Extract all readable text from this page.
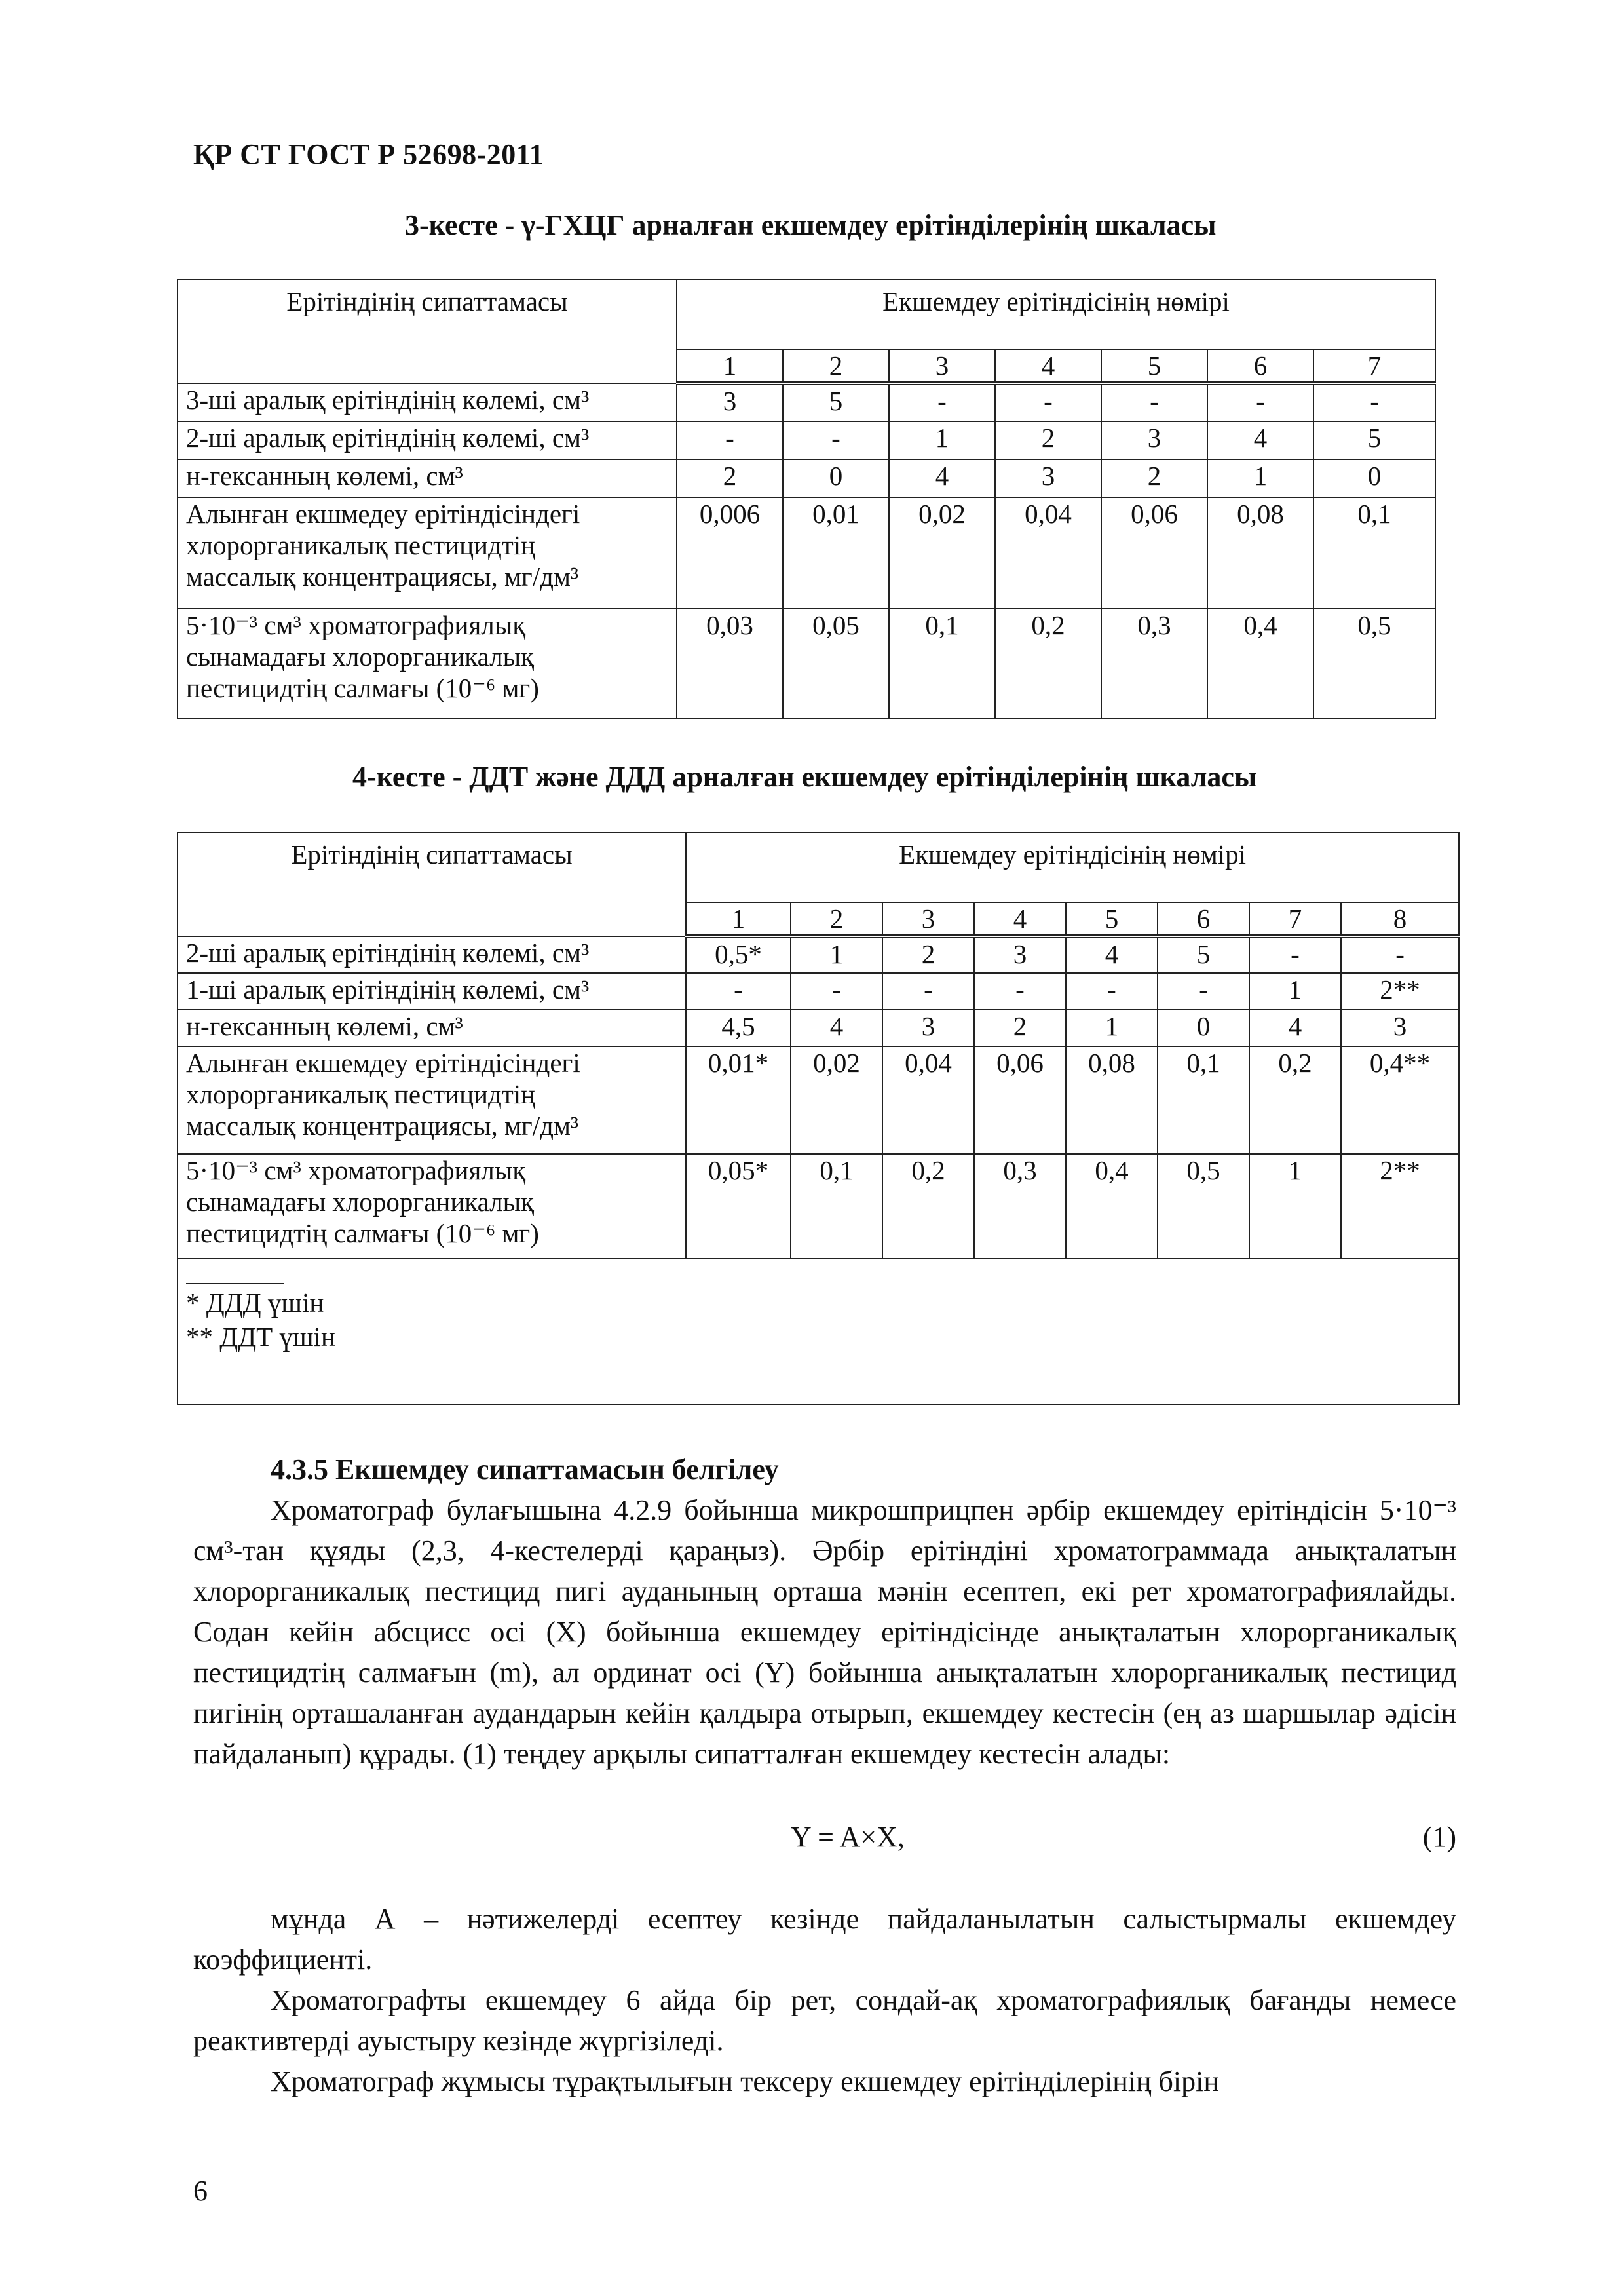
ҚР СТ ГОСТ Р 52698-2011
3-кесте - γ-ГХЦГ арналған екшемдеу ерітінділерінің шкаласы
Ерітіндінің сипаттамасы	Екшемдеу ерітіндісінің нөмірі						
	1	2	3	4	5	6	7
3-ші аралық ерітіндінің көлемі, см³	3	5	-	-	-	-	-
2-ші аралық ерітіндінің көлемі, см³	-	-	1	2	3	4	5
н-гексанның көлемі, см³	2	0	4	3	2	1	0

Алынған екшмедеу ерітіндісіндегі
хлорорганикалық пестицидтің
массалық концентрациясы, мг/дм³	0,006	0,01	0,02	0,04	0,06	0,08	0,1

5·10⁻³ см³ хроматографиялық
сынамадағы хлорорганикалық
пестицидтің салмағы (10⁻⁶ мг)	0,03	0,05	0,1	0,2	0,3	0,4	0,5
4-кесте - ДДТ және ДДД арналған екшемдеу ерітінділерінің шкаласы
Ерітіндінің сипаттамасы	Екшемдеу ерітіндісінің нөмірі							
	1	2	3	4	5	6	7	8
2-ші аралық ерітіндінің көлемі, см³	0,5*	1	2	3	4	5	-	-
1-ші аралық ерітіндінің көлемі, см³	-	-	-	-	-	-	1	2**
н-гексанның көлемі, см³	4,5	4	3	2	1	0	4	3

Алынған екшемдеу ерітіндісіндегі
хлорорганикалық пестицидтің
массалық концентрациясы, мг/дм³	0,01*	0,02	0,04	0,06	0,08	0,1	0,2	0,4**

5·10⁻³ см³ хроматографиялық
сынамадағы хлорорганикалық
пестицидтің салмағы (10⁻⁶ мг)	0,05*	0,1	0,2	0,3	0,4	0,5	1	2**

* ДДД үшін
** ДДТ үшін								

4.3.5 Екшемдеу сипаттамасын белгілеу

Хроматограф булағышына 4.2.9 бойынша микрошприцпен әрбір екшемдеу ерітіндісін 5·10⁻³ см³-тан құяды (2,3, 4-кестелерді қараңыз). Әрбір ерітіндіні хроматограммада анықталатын хлорорганикалық пестицид пигі ауданының орташа мәнін есептеп, екі рет хроматографиялайды. Содан кейін абсцисс осі (X) бойынша екшемдеу ерітіндісінде анықталатын хлорорганикалық пестицидтің салмағын (m), ал ординат осі (Y) бойынша анықталатын хлорорганикалық пестицид пигінің орташаланған аудандарын кейін қалдыра отырып, екшемдеу кестесін (ең аз шаршылар әдісін пайдаланып) құрады. (1) теңдеу арқылы сипатталған екшемдеу кестесін алады:

Y = A×X,	(1)

мұнда А – нәтижелерді есептеу кезінде пайдаланылатын салыстырмалы екшемдеу коэффициенті.

Хроматографты екшемдеу 6 айда бір рет, сондай-ақ хроматографиялық бағанды немесе реактивтерді ауыстыру кезінде жүргізіледі.

Хроматограф жұмысы тұрақтылығын тексеру екшемдеу ерітінділерінің бірін

6
